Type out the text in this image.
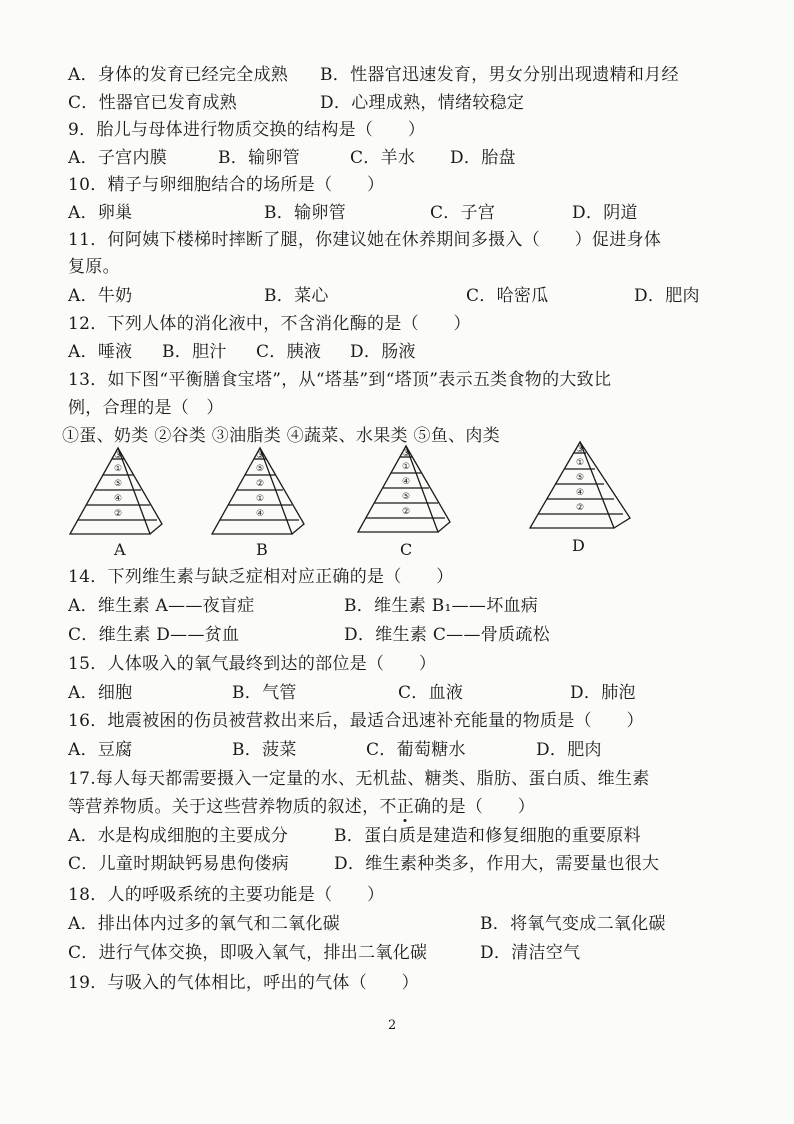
A．身体的发育已经完全成熟 B．性器官迅速发育，男女分别出现遗精和月经
C．性器官已发育成熟	D．心理成熟，情绪较稳定
9．胎儿与母体进行物质交换的结构是（　　）
A．子宫内膜	B．输卵管	C．羊水 D．胎盘
10．精子与卵细胞结合的场所是（　　）
A．卵巢	B．输卵管	C．子宫	D．阴道
11．何阿姨下楼梯时摔断了腿，你建议她在休养期间多摄入（　　）促进身体
复原。
A．牛奶	B．菜心	C．哈密瓜	D．肥肉
12．下列人体的消化液中，不含消化酶的是（　　）
A．唾液 B．胆汁 C．胰液 D．肠液
13．如下图“平衡膳食宝塔”，从“塔基”到“塔顶”表示五类食物的大致比
例，合理的是（　）
①蛋、奶类 ②谷类 ③油脂类 ④蔬菜、水果类 ⑤鱼、肉类
③
①
⑤
④
②
A
③
⑤
②
①
④
B
③
①
④
⑤
②
C
③
①
⑤
④
②
D
14．下列维生素与缺乏症相对应正确的是（　　）
A．维生素 A——夜盲症	B．维生素 B₁——坏血病
C．维生素 D——贫血	D．维生素 C——骨质疏松
15．人体吸入的氧气最终到达的部位是（　　）
A．细胞	B．气管	C．血液	D．肺泡
16．地震被困的伤员被营救出来后，最适合迅速补充能量的物质是（　　）
A．豆腐	B．菠菜	C．葡萄糖水	D．肥肉
17.每人每天都需要摄入一定量的水、无机盐、糖类、脂肪、蛋白质、维生素
等营养物质。关于这些营养物质的叙述，不正确的是（　　）
A．水是构成细胞的主要成分	B．蛋白质是建造和修复细胞的重要原料
C．儿童时期缺钙易患佝偻病	D．维生素种类多，作用大，需要量也很大
18．人的呼吸系统的主要功能是（　　）
A．排出体内过多的氧气和二氧化碳	B．将氧气变成二氧化碳
C．进行气体交换，即吸入氧气，排出二氧化碳	D．清洁空气
19．与吸入的气体相比，呼出的气体（　　）
2
